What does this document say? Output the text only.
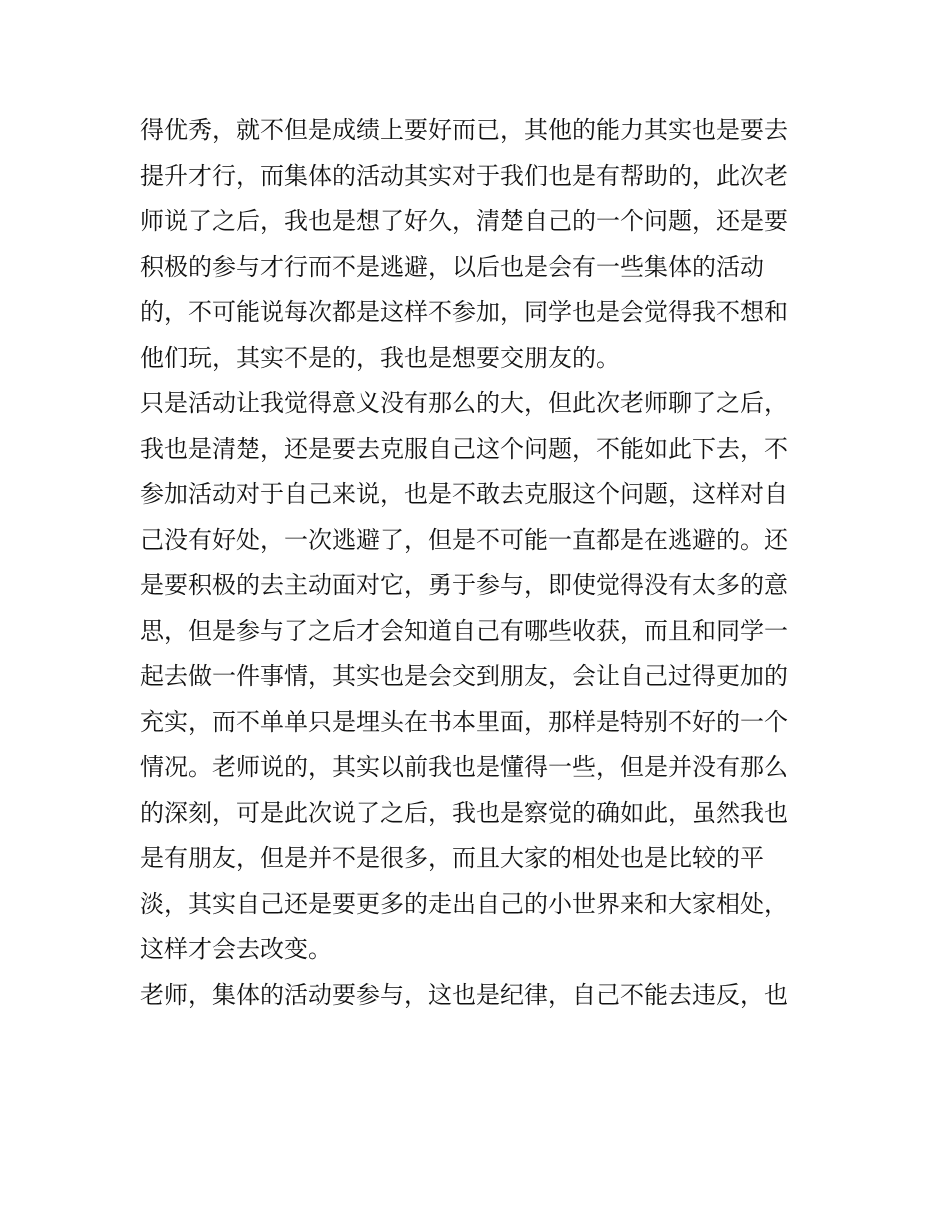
得优秀，就不但是成绩上要好而已，其他的能力其实也是要去
提升才行，而集体的活动其实对于我们也是有帮助的，此次老
师说了之后，我也是想了好久，清楚自己的一个问题，还是要
积极的参与才行而不是逃避，以后也是会有一些集体的活动
的，不可能说每次都是这样不参加，同学也是会觉得我不想和
他们玩，其实不是的，我也是想要交朋友的。
只是活动让我觉得意义没有那么的大，但此次老师聊了之后，
我也是清楚，还是要去克服自己这个问题，不能如此下去，不
参加活动对于自己来说，也是不敢去克服这个问题，这样对自
己没有好处，一次逃避了，但是不可能一直都是在逃避的。还
是要积极的去主动面对它，勇于参与，即使觉得没有太多的意
思，但是参与了之后才会知道自己有哪些收获，而且和同学一
起去做一件事情，其实也是会交到朋友，会让自己过得更加的
充实，而不单单只是埋头在书本里面，那样是特别不好的一个
情况。老师说的，其实以前我也是懂得一些，但是并没有那么
的深刻，可是此次说了之后，我也是察觉的确如此，虽然我也
是有朋友，但是并不是很多，而且大家的相处也是比较的平
淡，其实自己还是要更多的走出自己的小世界来和大家相处，
这样才会去改变。
老师，集体的活动要参与，这也是纪律，自己不能去违反，也
